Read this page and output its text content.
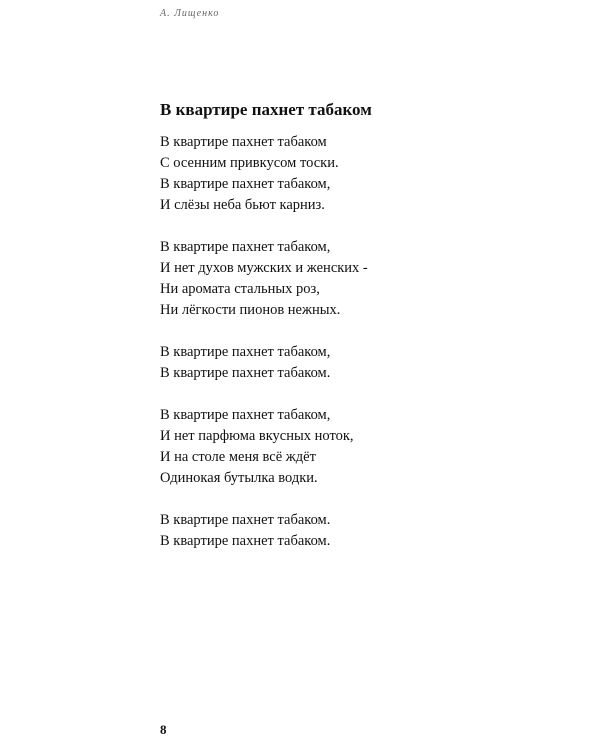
А. Лищенко
В квартире пахнет табаком
В квартире пахнет табаком
С осенним привкусом тоски.
В квартире пахнет табаком,
И слёзы неба бьют карниз.
В квартире пахнет табаком,
И нет духов мужских и женских -
Ни аромата стальных роз,
Ни лёгкости пионов нежных.
В квартире пахнет табаком,
В квартире пахнет табаком.
В квартире пахнет табаком,
И нет парфюма вкусных ноток,
И на столе меня всё ждёт
Одинокая бутылка водки.
В квартире пахнет табаком.
В квартире пахнет табаком.
8
